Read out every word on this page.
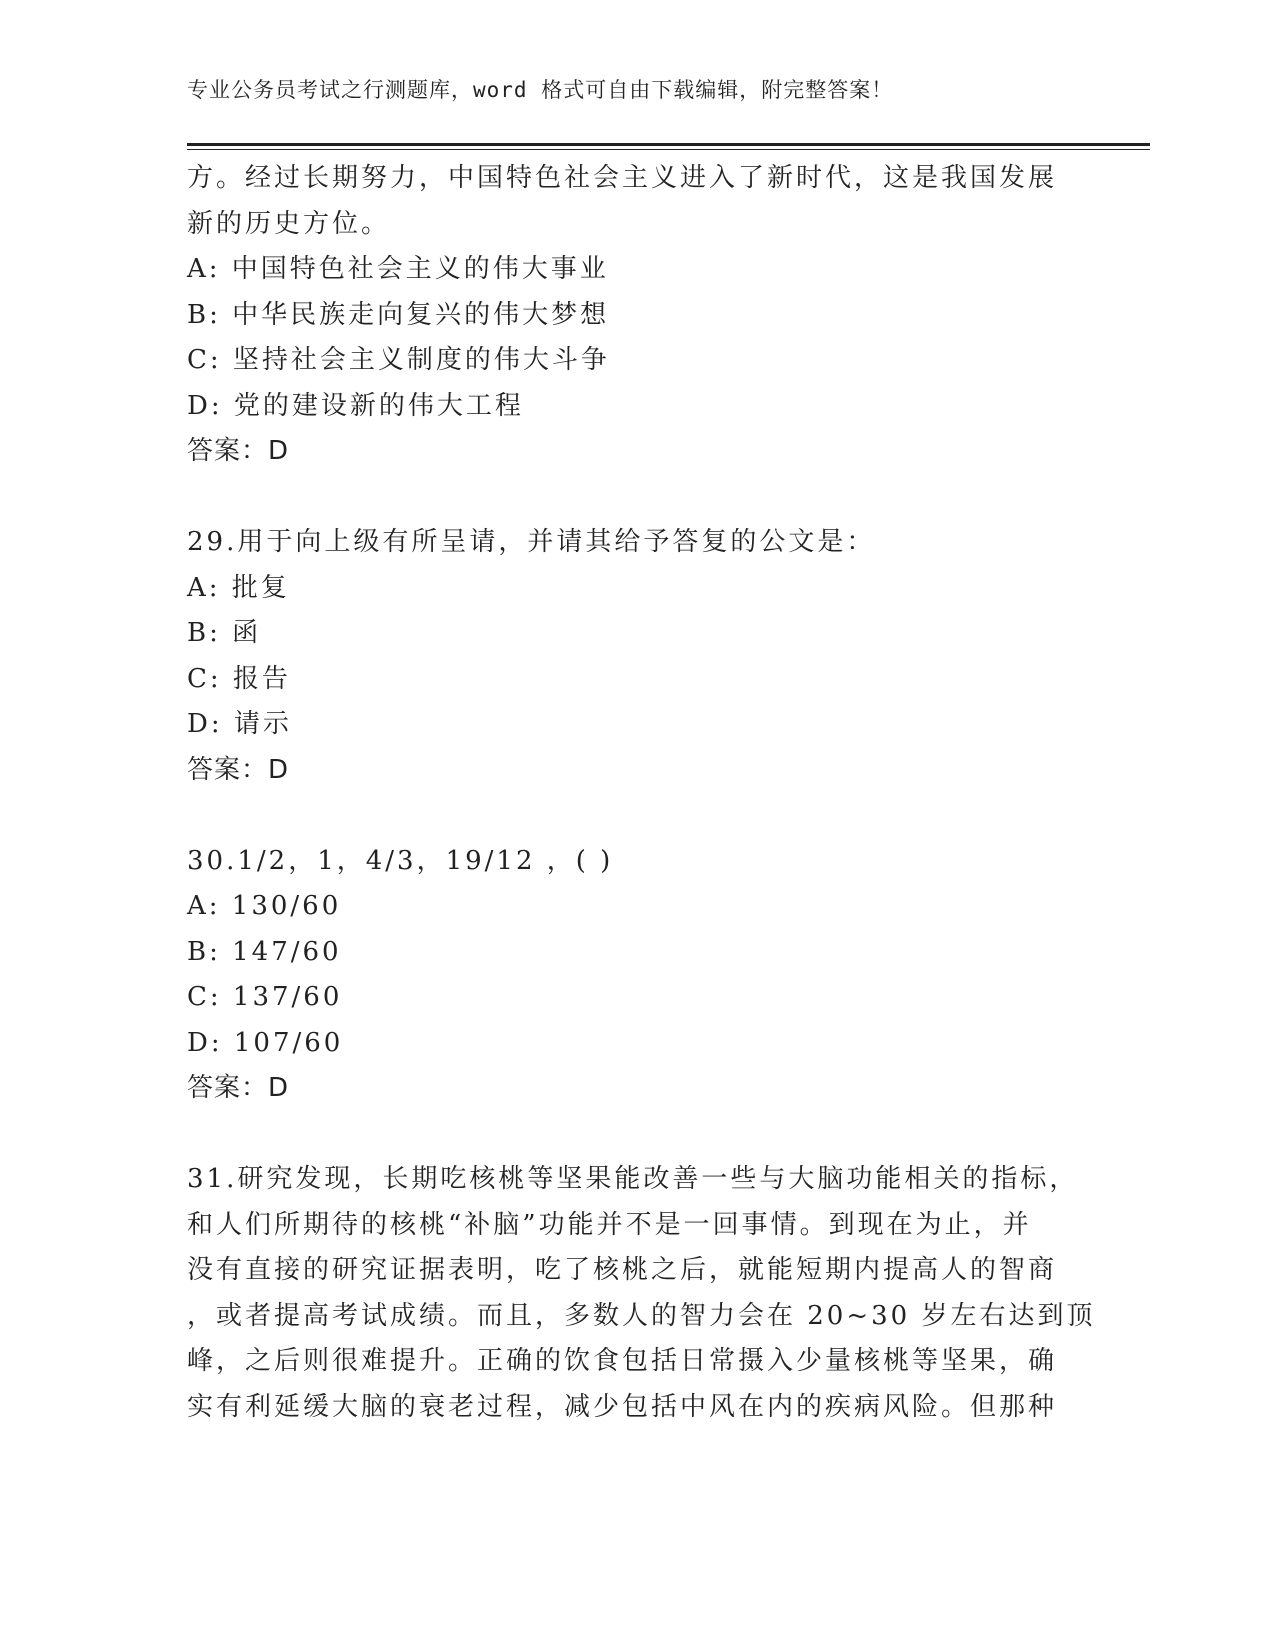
专业公务员考试之行测题库，word 格式可自由下载编辑，附完整答案！
方。经过长期努力，中国特色社会主义进入了新时代，这是我国发展
新的历史方位。
A: 中国特色社会主义的伟大事业
B: 中华民族走向复兴的伟大梦想
C: 坚持社会主义制度的伟大斗争
D: 党的建设新的伟大工程
答案：D
29.用于向上级有所呈请，并请其给予答复的公文是：
A: 批复
B: 函
C: 报告
D: 请示
答案：D
30.1/2，1，4/3，19/12 ，( )
A: 130/60
B: 147/60
C: 137/60
D: 107/60
答案：D
31.研究发现，长期吃核桃等坚果能改善一些与大脑功能相关的指标，
和人们所期待的核桃“补脑”功能并不是一回事情。到现在为止，并
没有直接的研究证据表明，吃了核桃之后，就能短期内提高人的智商
，或者提高考试成绩。而且，多数人的智力会在 20~30 岁左右达到顶
峰，之后则很难提升。正确的饮食包括日常摄入少量核桃等坚果，确
实有利延缓大脑的衰老过程，减少包括中风在内的疾病风险。但那种
